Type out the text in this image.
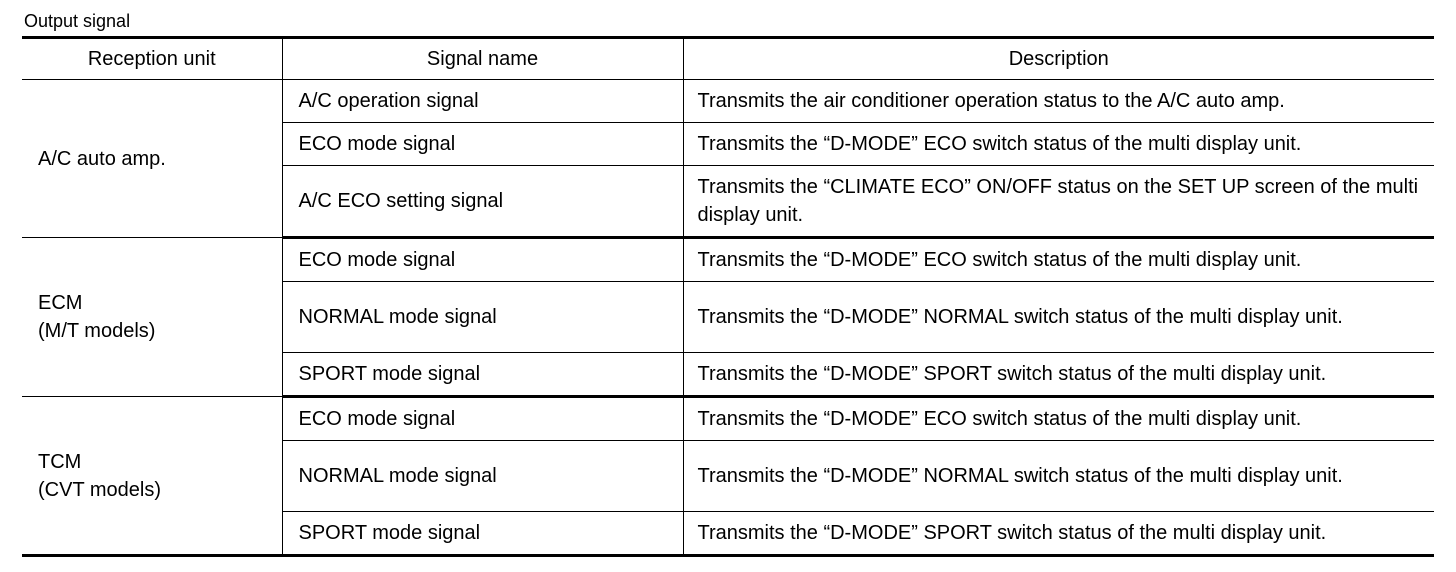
Output signal
Reception unit	Signal name	Description

A/C auto amp.	A/C operation signal	Transmits the air conditioner operation status to the A/C auto amp.
	ECO mode signal	Transmits the “D-MODE” ECO switch status of the multi display unit.
	A/C ECO setting signal	Transmits the “CLIMATE ECO” ON/OFF status on the SET UP screen of the multi display unit.

ECM
(M/T models)	ECO mode signal	Transmits the “D-MODE” ECO switch status of the multi display unit.
	NORMAL mode signal	Transmits the “D-MODE” NORMAL switch status of the multi display unit.
	SPORT mode signal	Transmits the “D-MODE” SPORT switch status of the multi display unit.

TCM
(CVT models)	ECO mode signal	Transmits the “D-MODE” ECO switch status of the multi display unit.
	NORMAL mode signal	Transmits the “D-MODE” NORMAL switch status of the multi display unit.
	SPORT mode signal	Transmits the “D-MODE” SPORT switch status of the multi display unit.
